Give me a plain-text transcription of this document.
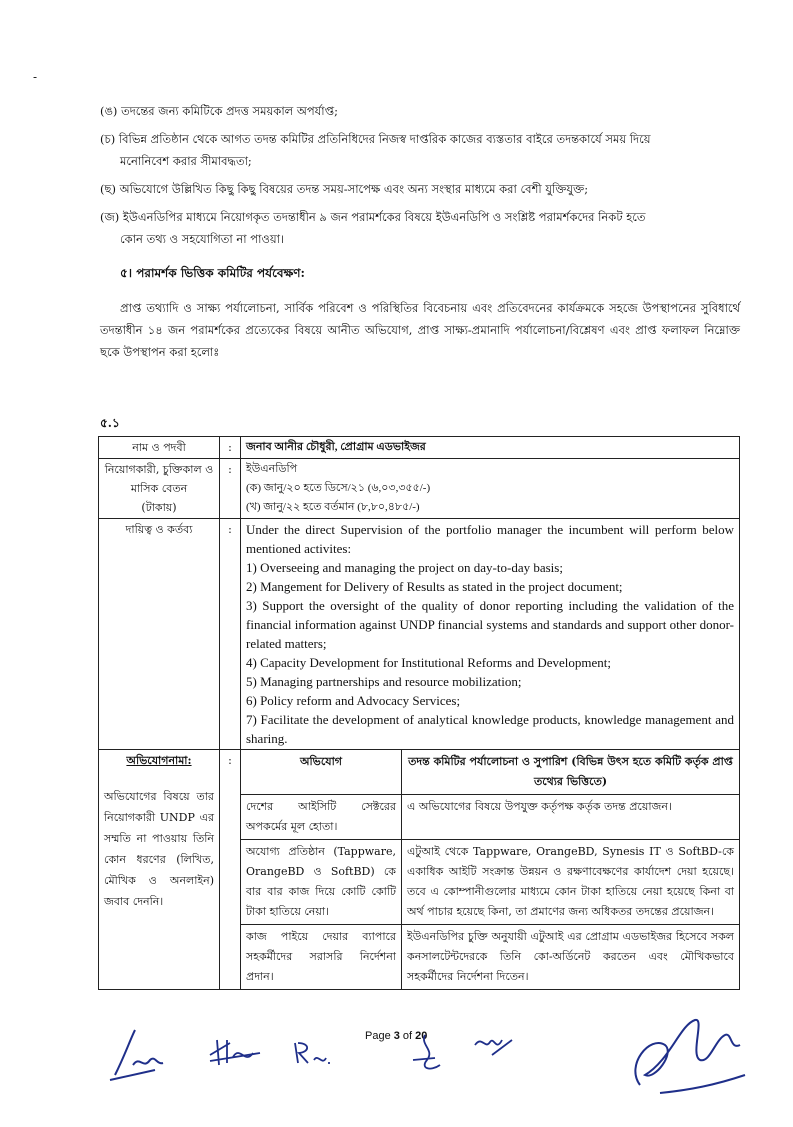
-
(ঙ) তদন্তের জন্য কমিটিকে প্রদত্ত সময়কাল অপর্যাপ্ত;
(চ) বিভিন্ন প্রতিষ্ঠান থেকে আগত তদন্ত কমিটির প্রতিনিধিদের নিজস্ব দাপ্তরিক কাজের ব্যস্ততার বাইরে তদন্তকার্যে সময় দিয়ে
মনোনিবেশ করার সীমাবদ্ধতা;
(ছ) অভিযোগে উল্লিখিত কিছু কিছু বিষয়ের তদন্ত সময়-সাপেক্ষ এবং অন্য সংস্থার মাধ্যমে করা বেশী যুক্তিযুক্ত;
(জ) ইউএনডিপির মাধ্যমে নিয়োগকৃত তদন্তাধীন ৯ জন পরামর্শকের বিষয়ে ইউএনডিপি ও সংশ্লিষ্ট পরামর্শকদের নিকট হতে
কোন তথ্য ও সহযোগিতা না পাওয়া।
৫। পরামর্শক ভিত্তিক কমিটির পর্যবেক্ষণ:
প্রাপ্ত তথ্যাদি ও সাক্ষ্য পর্যালোচনা, সার্বিক পরিবেশ ও পরিস্থিতির বিবেচনায় এবং প্রতিবেদনের কার্যক্রমকে সহজে উপস্থাপনের সুবিধার্থে তদন্তাধীন ১৪ জন পরামর্শকের প্রত্যেকের বিষয়ে আনীত অভিযোগ, প্রাপ্ত সাক্ষ্য-প্রমানাদি পর্যালোচনা/বিশ্লেষণ এবং প্রাপ্ত ফলাফল নিম্নোক্ত ছকে উপস্থাপন করা হলোঃ
৫.১
নাম ও পদবী	:	জনাব আনীর চৌধুরী, প্রোগ্রাম এডভাইজর

নিয়োগকারী, চুক্তিকাল ও
মাসিক বেতন
(টাকায়)
	:	ইউএনডিপি
(ক) জানু/২০ হতে ডিসে/২১ (৬,০৩,৩৫৫/-)
(খ) জানু/২২ হতে বর্তমান (৮,৮০,৪৮৫/-)

দায়িত্ব ও কর্তব্য	:	Under the direct Supervision of the portfolio manager the incumbent will perform below mentioned activites:
1) Overseeing and managing the project on day-to-day basis;
2) Mangement for Delivery of Results as stated in the project document;
3) Support the oversight of the quality of donor reporting including the validation of the financial information against UNDP financial systems and standards and support other donor-related matters;
4) Capacity Development for Institutional Reforms and Development;
5) Managing partnerships and resource mobilization;
6) Policy reform and Advocacy Services;
7) Facilitate the development of analytical knowledge products, knowledge management and sharing.

অভিযোগনামা:
অভিযোগের বিষয়ে তার নিয়োগকারী UNDP এর সম্মতি না পাওয়ায় তিনি কোন ধরণের (লিখিত, মৌখিক ও অনলাইন) জবাব দেননি।
	:		অভিযোগ	তদন্ত কমিটির পর্যালোচনা ও সুপারিশ (বিভিন্ন উৎস হতে কমিটি কর্তৃক প্রাপ্ত তথ্যের ভিত্তিতে)
দেশের আইসিটি সেক্টরের অপকর্মের মূল হোতা।	এ অভিযোগের বিষয়ে উপযুক্ত কর্তৃপক্ষ কর্তৃক তদন্ত প্রয়োজন।
অযোগ্য প্রতিষ্ঠান (Tappware, OrangeBD ও SoftBD) কে বার বার কাজ দিয়ে কোটি কোটি টাকা হাতিয়ে নেয়া।	এটুআই থেকে Tappware, OrangeBD, Synesis IT ও SoftBD-কে একাধিক আইটি সংক্রান্ত উন্নয়ন ও রক্ষণাবেক্ষণের কার্যাদেশ দেয়া হয়েছে। তবে এ কোম্পানীগুলোর মাধ্যমে কোন টাকা হাতিয়ে নেয়া হয়েছে কিনা বা অর্থ পাচার হয়েছে কিনা, তা প্রমাণের জন্য অধিকতর তদন্তের প্রয়োজন।
কাজ পাইয়ে দেয়ার ব্যাপারে সহকর্মীদের সরাসরি নির্দেশনা প্রদান।	ইউএনডিপির চুক্তি অনুযায়ী এটুআই এর প্রোগ্রাম এডভাইজর হিসেবে সকল কনসালটেন্টদেরকে তিনি কো-অর্ডিনেট করতেন এবং মৌখিকভাবে সহকর্মীদের নির্দেশনা দিতেন।
Page 3 of 20
